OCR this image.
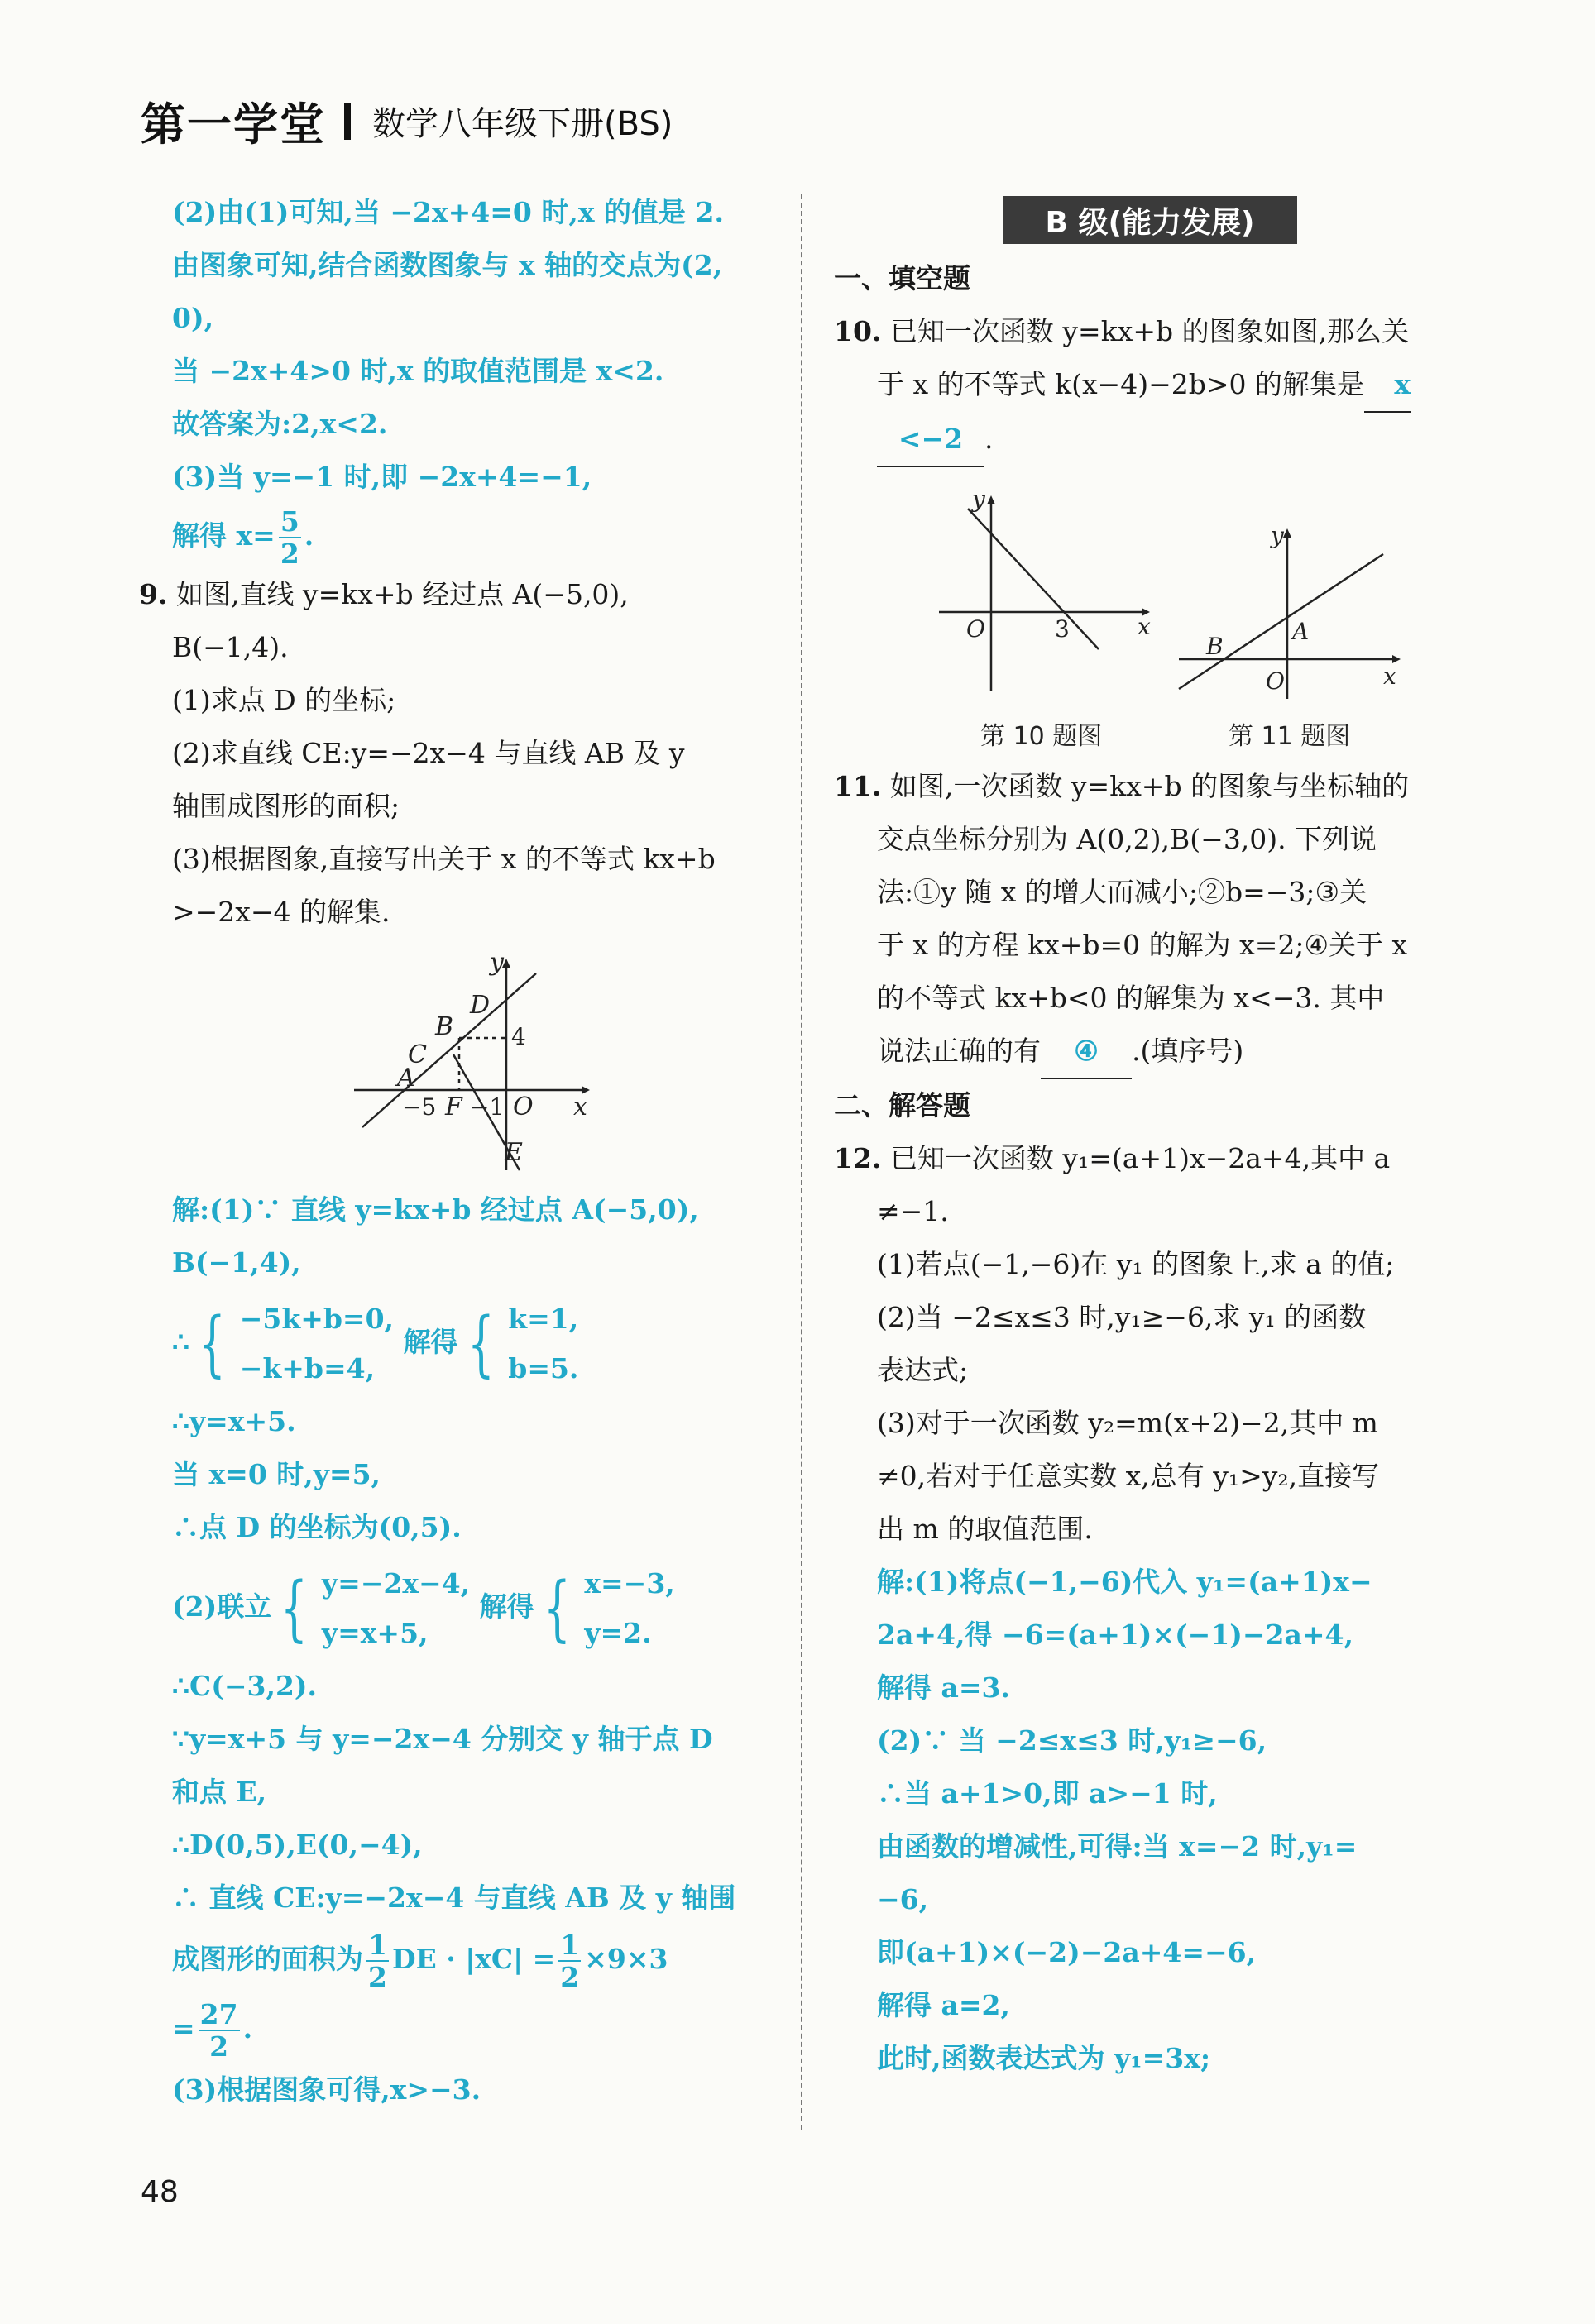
第一学堂 数学八年级下册(BS)
(2)由(1)可知,当 −2x+4=0 时,x 的值是 2.
由图象可知,结合函数图象与 x 轴的交点为(2,
0),
当 −2x+4>0 时,x 的取值范围是 x<2.
故答案为:2,x<2.
(3)当 y=−1 时,即 −2x+4=−1,
解得 $x= \frac{5}{2}$ .
9. 如图,直线 y=kx+b 经过点 A(−5,0),
B(−1,4).
(1)求点 D 的坐标;
(2)求直线 CE:y=−2x−4 与直线 AB 及 y
轴围成图形的面积;
(3)根据图象,直接写出关于 x 的不等式 kx+b
>−2x−4 的解集.
y
x
A
B
D
C
F O
E
−5 −1
4
解:(1)∵ 直线 y=kx+b 经过点 A(−5,0),
B(−1,4),
∴ { −5k+b=0,
−k+b=4,
解得 { k=1,
b=5.
∴y=x+5.
当 x=0 时,y=5,
∴点 D 的坐标为(0,5).
(2)联立 { y=−2x−4,
y=x+5,
解得 { x=−3,
y=2.
∴C(−3,2).
∵y=x+5 与 y=−2x−4 分别交 y 轴于点 D
和点 E,
∴D(0,5),E(0,−4),
∴ 直线 CE:y=−2x−4 与直线 AB 及 y 轴围
成图形的面积为 $\frac{1}{2}$ DE · $|xC| = \frac{1}{2} \times 9\times 3$
= $\frac{27}{2}$ .
(3)根据图象可得,x>−3.
B 级(能力发展)
一、填空题
10. 已知一次函数 y=kx+b 的图象如图,那么关
于 x 的不等式 k(x−4)−2b>0 的解集是 x
<−2 .
y
x
O
y
x
O
A
B
3
第 10 题图	第 11 题图
11. 如图,一次函数 y=kx+b 的图象与坐标轴的
交点坐标分别为 A(0,2),B(−3,0). 下列说
法:①y 随 x 的增大而减小;②b=−3;③关
于 x 的方程 kx+b=0 的解为 x=2;④关于 x
的不等式 kx+b<0 的解集为 x<−3. 其中
说法正确的有 ④ .(填序号)
二、解答题
12. 已知一次函数 y₁=(a+1)x−2a+4,其中 a
≠−1.
(1)若点(−1,−6)在 y₁ 的图象上,求 a 的值;
(2)当 −2≤x≤3 时,y₁≥−6,求 y₁ 的函数
表达式;
(3)对于一次函数 y₂=m(x+2)−2,其中 m
≠0,若对于任意实数 x,总有 y₁>y₂,直接写
出 m 的取值范围.
解:(1)将点(−1,−6)代入 y₁=(a+1)x−
2a+4,得 −6=(a+1)×(−1)−2a+4,
解得 a=3.
(2)∵ 当 −2≤x≤3 时,y₁≥−6,
∴当 a+1>0,即 a>−1 时,
由函数的增减性,可得:当 x=−2 时,y₁=
−6,
即(a+1)×(−2)−2a+4=−6,
解得 a=2,
此时,函数表达式为 y₁=3x;
48
